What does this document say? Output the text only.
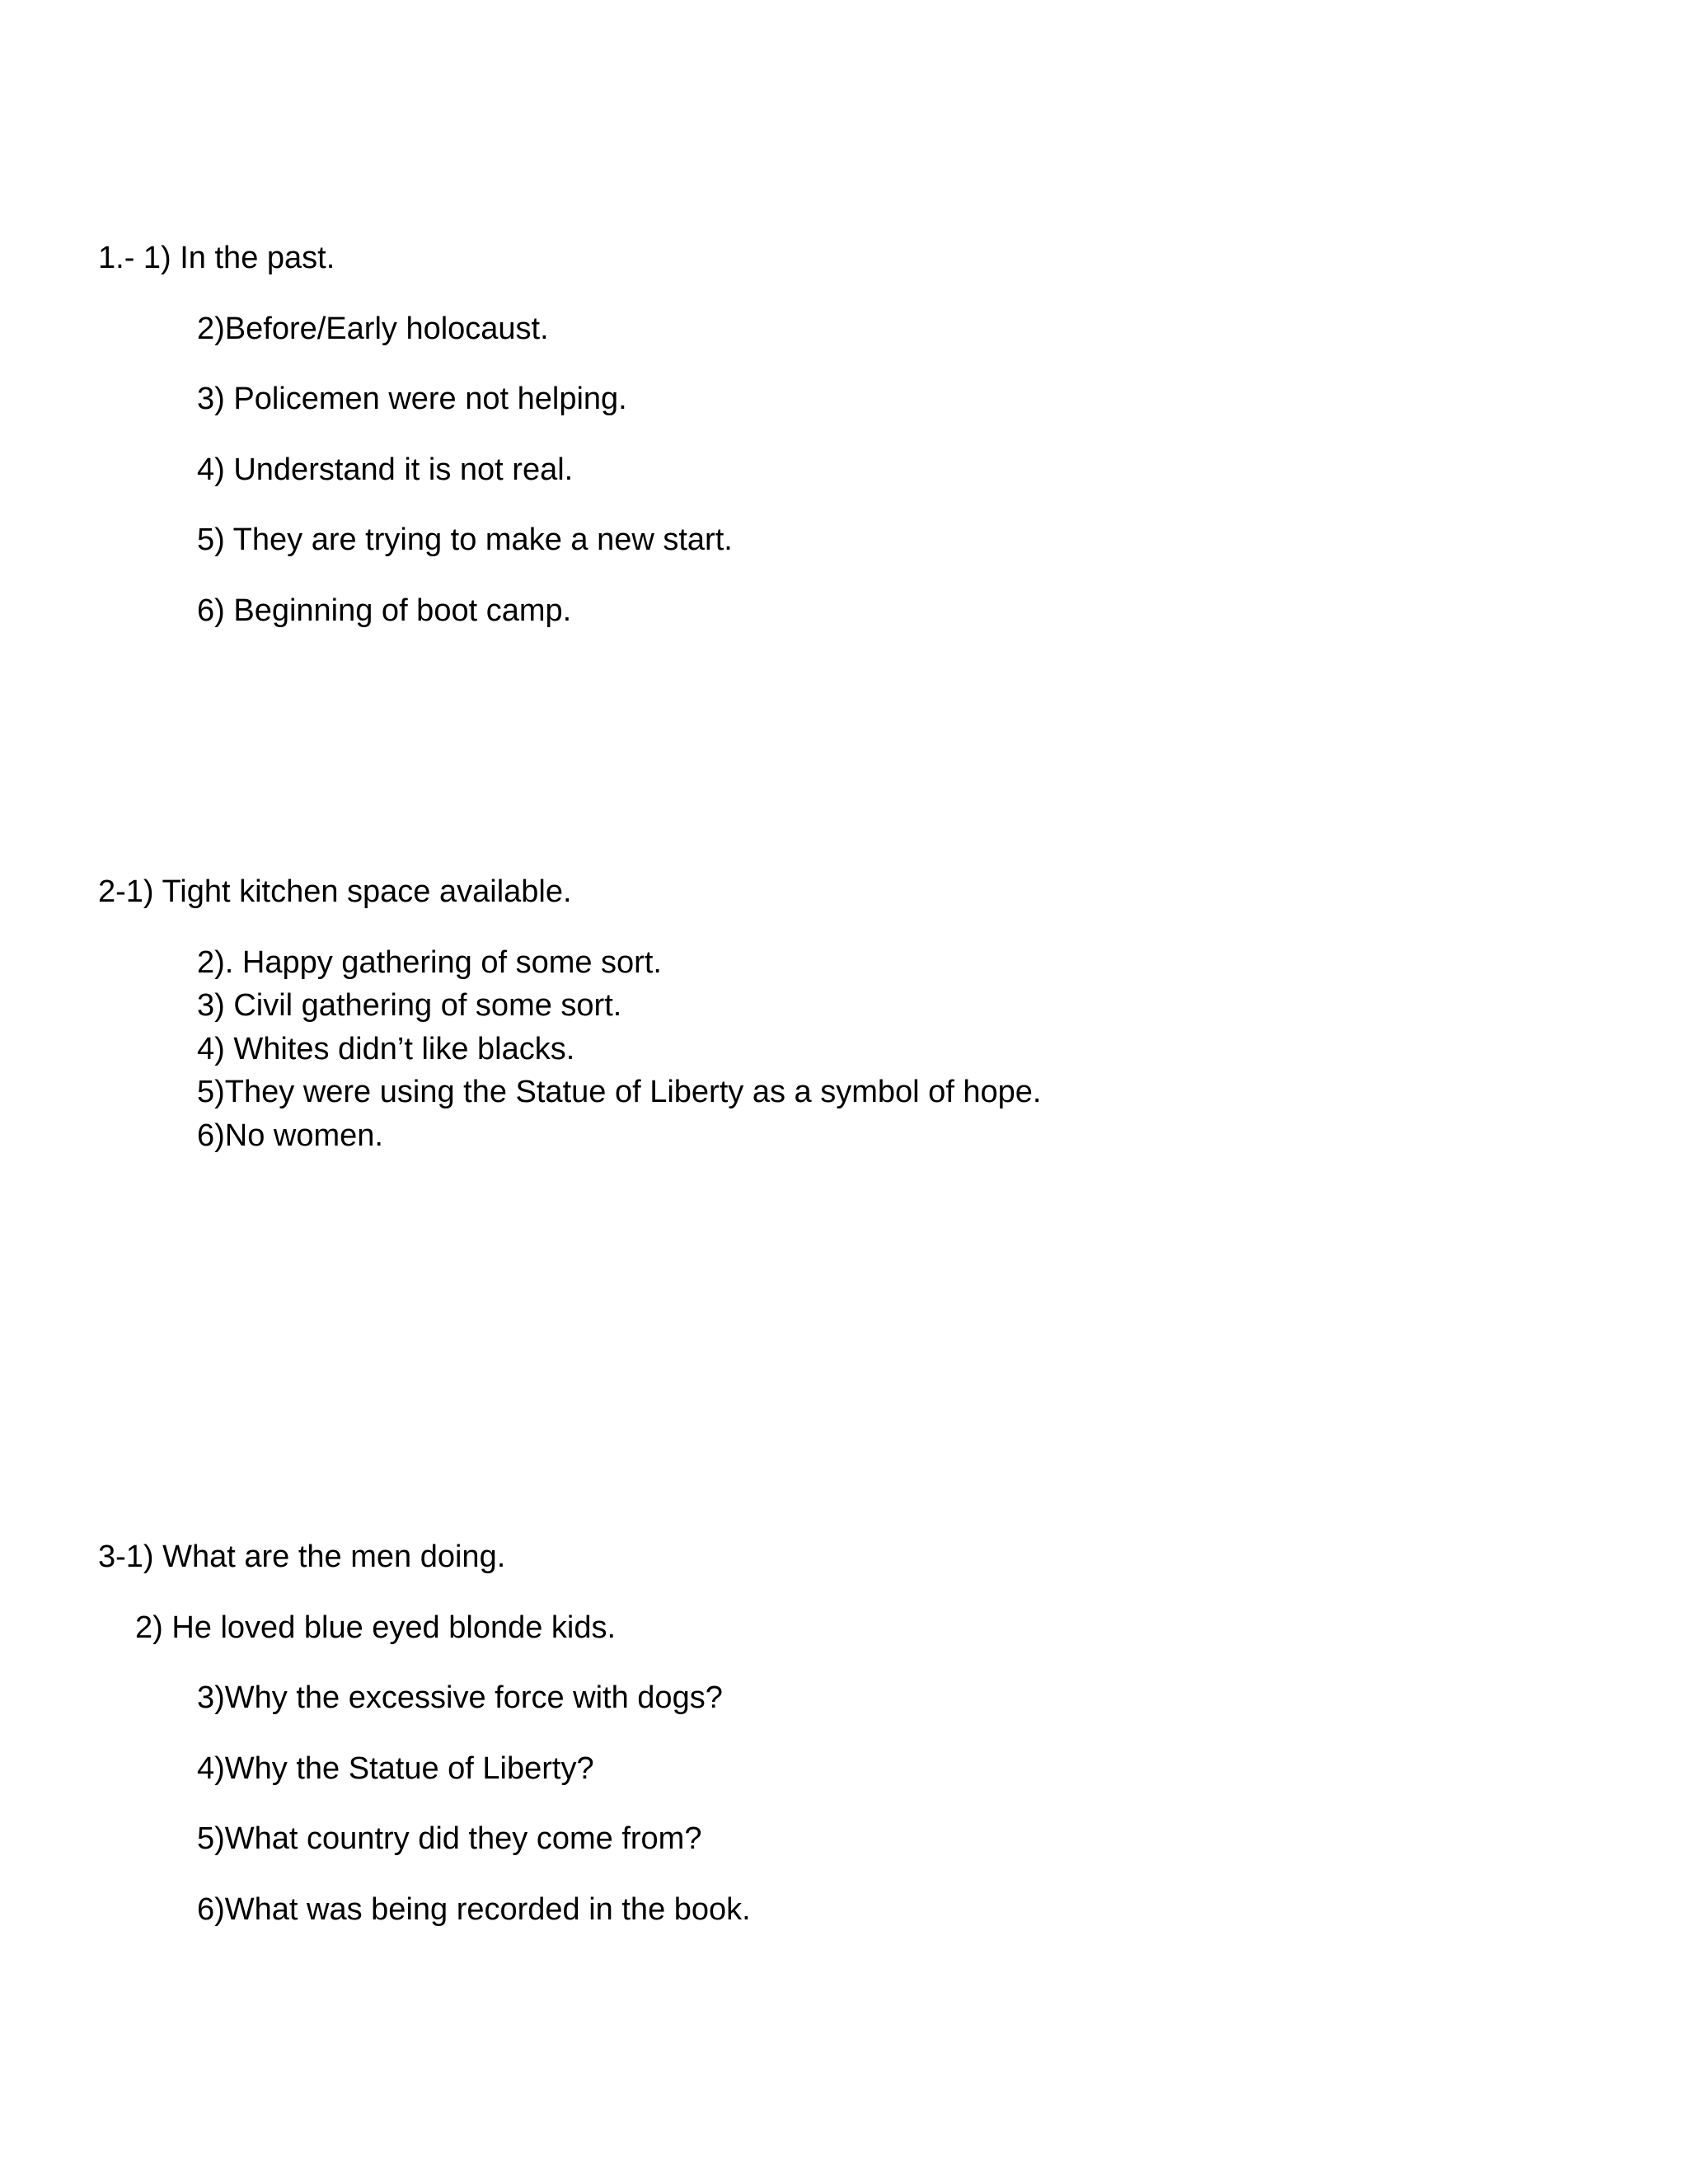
1.- 1) In the past.
2)Before/Early holocaust.
3) Policemen were not helping.
4) Understand it is not real.
5) They are trying to make a new start.
6) Beginning of boot camp.
2-1) Tight kitchen space available.
2). Happy gathering of some sort.
3) Civil gathering of some sort.
4) Whites didn’t like blacks.
5)They were using the Statue of Liberty as a symbol of hope.
6)No women.
3-1) What are the men doing.
2) He loved blue eyed blonde kids.
3)Why the excessive force with dogs?
4)Why the Statue of Liberty?
5)What country did they come from?
6)What was being recorded in the book.
